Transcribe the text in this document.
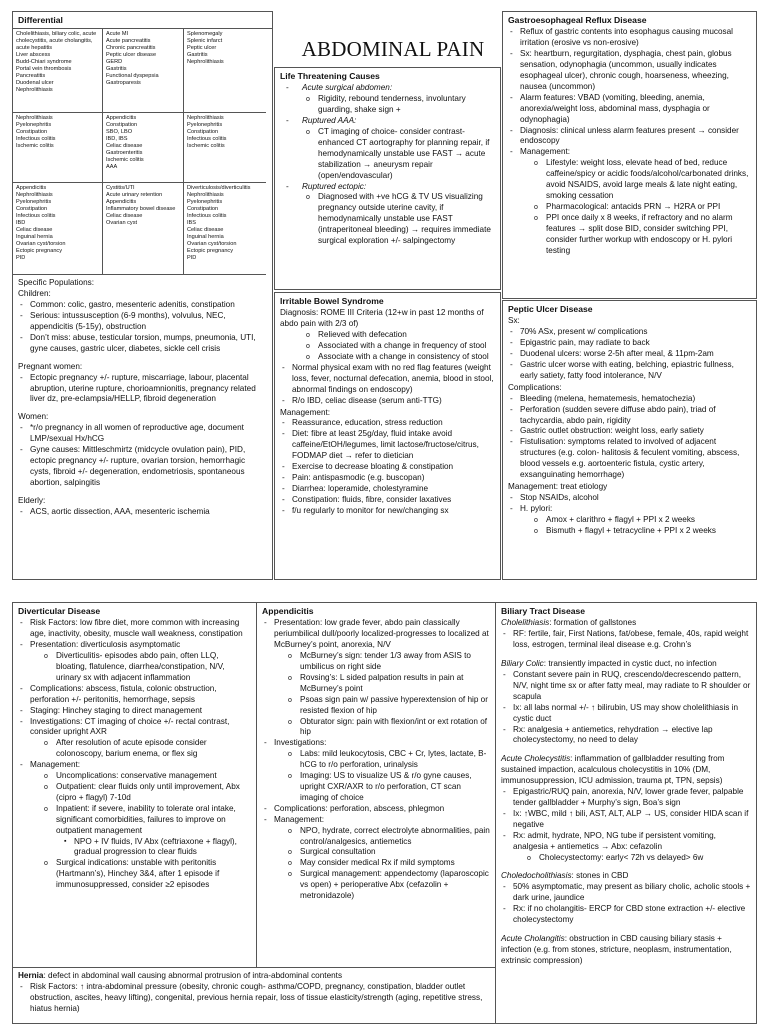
ABDOMINAL PAIN
Differential
Cholelithiasis, biliary colic, acute cholecystitis, acute cholangitis, acute hepatitis
Liver abscess
Budd-Chiari syndrome
Portal vein thrombosis
Pancreatitis
Duodenal ulcer
Nephrolithiasis
Acute MI
Acute pancreatitis
Chronic pancreatitis
Peptic ulcer disease
GERD
Gastritis
Functional dyspepsia
Gastroparesis
Splenomegaly
Splenic infarct
Peptic ulcer
Gastritis
Nephrolithiasis
Nephrolithiasis
Pyelonephritis
Constipation
Infectious colitis
Ischemic colitis
Appendicitis
Constipation
SBO, LBO
IBD, IBS
Celiac disease
Gastroenteritis
Ischemic colitis
AAA
Nephrolithiasis
Pyelonephritis
Constipation
Infectious colitis
Ischemic colitis
Appendicitis
Nephrolithiasis
Pyelonephritis
Constipation
Infectious colitis
IBD
Celiac disease
Inguinal hernia
Ovarian cyst/torsion
Ectopic pregnancy
PID
Cystitis/UTI
Acute urinary retention
Appendicitis
Inflammatory bowel disease
Celiac disease
Ovarian cyst
Diverticulosis/diverticulitis
Nephrolithiasis
Pyelonephritis
Constipation
Infectious colitis
IBS
Celiac disease
Inguinal hernia
Ovarian cyst/torsion
Ectopic pregnancy
PID
Specific Populations:
Children:
- Common: colic, gastro, mesenteric adenitis, constipation
- Serious: intussusception (6-9 months), volvulus, NEC, appendicitis (5-15y), obstruction
- Don’t miss: abuse, testicular torsion, mumps, pneumonia, UTI, gyne causes, gastric ulcer, diabetes, sickle cell crisis
Pregnant women:
- Ectopic pregnancy +/- rupture, miscarriage, labour, placental abruption, uterine rupture, chorioamnionitis, pregnancy related liver dz, pre-eclampsia/HELLP, fibroid degeneration
Women:
- *r/o pregnancy in all women of reproductive age, document LMP/sexual Hx/hCG
- Gyne causes: Mittleschmirtz (midcycle ovulation pain), PID, ectopic pregnancy +/- rupture, ovarian torsion, hemorrhagic cysts, fibroid +/- degeneration, endometriosis, spontaneous abortion, salpingitis
Elderly:
- ACS, aortic dissection, AAA, mesenteric ischemia
Life Threatening Causes
- Acute surgical abdomen:
o Rigidity, rebound tenderness, involuntary guarding, shake sign +
- Ruptured AAA:
o CT imaging of choice- consider contrast-enhanced CT aortography for planning repair, if hemodynamically unstable use FAST → acute stabilization → aneurysm repair (open/endovascular)
- Ruptured ectopic:
o Diagnosed with +ve hCG & TV US visualizing pregnancy outside uterine cavity, if hemodynamically unstable use FAST (intraperitoneal bleeding) → requires immediate surgical exploration +/- salpingectomy
Irritable Bowel Syndrome
Diagnosis: ROME III Criteria (12+w in past 12 months of abdo pain with 2/3 of)
o Relieved with defecation
o Associated with a change in frequency of stool
o Associate with a change in consistency of stool
- Normal physical exam with no red flag features (weight loss, fever, nocturnal defecation, anemia, blood in stool, abnormal findings on endoscopy)
- R/o IBD, celiac disease (serum anti-TTG)
Management:
- Reassurance, education, stress reduction
- Diet: fibre at least 25g/day, fluid intake avoid caffeine/EtOH/legumes, limit lactose/fructose/citrus, FODMAP diet → refer to dietician
- Exercise to decrease bloating & constipation
- Pain: antispasmodic (e.g. buscopan)
- Diarrhea: loperamide, cholestyramine
- Constipation: fluids, fibre, consider laxatives
- f/u regularly to monitor for new/changing sx
Gastroesophageal Reflux Disease
- Reflux of gastric contents into esophagus causing mucosal irritation (erosive vs non-erosive)
- Sx: heartburn, regurgitation, dysphagia, chest pain, globus sensation, odynophagia (uncommon, usually indicates esophageal ulcer), chronic cough, hoarseness, wheezing, nausea (uncommon)
- Alarm features: VBAD (vomiting, bleeding, anemia, anorexia/weight loss, abdominal mass, dysphagia or odynophagia)
- Diagnosis: clinical unless alarm features present → consider endoscopy
- Management:
o Lifestyle: weight loss, elevate head of bed, reduce caffeine/spicy or acidic foods/alcohol/carbonated drinks, avoid NSAIDS, avoid large meals & late night eating, smoking cessation
o Pharmacological: antacids PRN → H2RA or PPI
o PPI once daily x 8 weeks, if refractory and no alarm features → split dose BID, consider switching PPI, consider further workup with endoscopy or H. pylori testing
Peptic Ulcer Disease
Sx:
- 70% ASx, present w/ complications
- Epigastric pain, may radiate to back
- Duodenal ulcers: worse 2-5h after meal, & 11pm-2am
- Gastric ulcer worse with eating, belching, epiastric fullness, early satiety, fatty food intolerance, N/V
Complications:
- Bleeding (melena, hematemesis, hematochezia)
- Perforation (sudden severe diffuse abdo pain), triad of tachycardia, abdo pain, rigidity
- Gastric outlet obstruction: weight loss, early satiety
- Fistulisation: symptoms related to involved of adjacent structures (e.g. colon- halitosis & feculent vomiting, abscess, blood vessels e.g. aortoenteric fistula, cystic artery, exsanguinating hemorrhage)
Management: treat etiology
- Stop NSAIDs, alcohol
- H. pylori:
o Amox + clarithro + flagyl + PPI x 2 weeks
o Bismuth + flagyl + tetracycline + PPI x 2 weeks
Diverticular Disease
- Risk Factors: low fibre diet, more common with increasing age, inactivity, obesity, muscle wall weakness, constipation
- Presentation: diverticulosis asymptomatic
o Diverticulitis- episodes abdo pain, often LLQ, bloating, flatulence, diarrhea/constipation, N/V, urinary sx with adjacent inflammation
- Complications: abscess, fistula, colonic obstruction, perforation +/- peritonitis, hemorrhage, sepsis
- Staging: Hinchey staging to direct management
- Investigations: CT imaging of choice +/- rectal contrast, consider upright AXR
o After resolution of acute episode consider colonoscopy, barium enema, or flex sig
- Management:
o Uncomplications: conservative management
o Outpatient: clear fluids only until improvement, Abx (cipro + flagyl) 7-10d
o Inpatient: if severe, inability to tolerate oral intake, significant comorbidities, failures to improve on outpatient management
▪ NPO + IV fluids, IV Abx (ceftriaxone + flagyl), gradual progression to clear fluids
o Surgical indications: unstable with peritonitis (Hartmann’s), Hinchey 3&4, after 1 episode if immunosuppressed, consider ≥2 episodes
Appendicitis
- Presentation: low grade fever, abdo pain classically periumbilical dull/poorly localized-progresses to localized at McBurney’s point, anorexia, N/V
o McBurney’s sign: tender 1/3 away from ASIS to umbilicus on right side
o Rovsing’s: L sided palpation results in pain at McBurney’s point
o Psoas sign pain w/ passive hyperextension of hip or resisted flexion of hip
o Obturator sign: pain with flexion/int or ext rotation of hip
- Investigations:
o Labs: mild leukocytosis, CBC + Cr, lytes, lactate, B-hCG to r/o perforation, urinalysis
o Imaging: US to visualize US & r/o gyne causes, upright CXR/AXR to r/o perforation, CT scan imaging of choice
- Complications: perforation, abscess, phlegmon
- Management:
o NPO, hydrate, correct electrolyte abnormalities, pain control/analgesics, antiemetics
o Surgical consultation
o May consider medical Rx if mild symptoms
o Surgical management: appendectomy (laparoscopic vs open) + perioperative Abx (cefazolin + metronidazole)
Biliary Tract Disease
Cholelithiasis: formation of gallstones
- RF: fertile, fair, First Nations, fat/obese, female, 40s, rapid weight loss, estrogen, terminal ileal disease e.g. Crohn’s
Biliary Colic: transiently impacted in cystic duct, no infection
- Constant severe pain in RUQ, crescendo/decrescendo pattern, N/V, night time sx or after fatty meal, may radiate to R shoulder or scapula
- Ix: all labs normal +/- ↑ bilirubin, US may show cholelithiasis in cystic duct
- Rx: analgesia + antiemetics, rehydration → elective lap cholecystectomy, no need to delay
Acute Cholecystitis: inflammation of gallbladder resulting from sustained impaction, acalculous cholecystitis in 10% (DM, immunosuppression, ICU admission, trauma pt, TPN, sepsis)
- Epigastric/RUQ pain, anorexia, N/V, lower grade fever, palpable tender gallbladder + Murphy’s sign, Boa’s sign
- Ix: ↑WBC, mild ↑ bili, AST, ALT, ALP → US, consider HIDA scan if negative
- Rx: admit, hydrate, NPO, NG tube if persistent vomiting, analgesia + antiemetics → Abx: cefazolin
o Cholecystectomy: early< 72h vs delayed> 6w
Choledocholithiasis: stones in CBD
- 50% asymptomatic, may present as biliary cholic, acholic stools + dark urine, jaundice
- Rx: if no cholangitis- ERCP for CBD stone extraction +/- elective cholecystectomy
Acute Cholangitis: obstruction in CBD causing biliary stasis + infection (e.g. from stones, stricture, neoplasm, instrumentation, extrinsic compression)
Hernia: defect in abdominal wall causing abnormal protrusion of intra-abdominal contents
- Risk Factors: ↑ intra-abdominal pressure (obesity, chronic cough- asthma/COPD, pregnancy, constipation, bladder outlet obstruction, ascites, heavy lifting), congenital, previous hernia repair, loss of tissue elasticity/strength (aging, repetitive stress, hiatus hernia)
